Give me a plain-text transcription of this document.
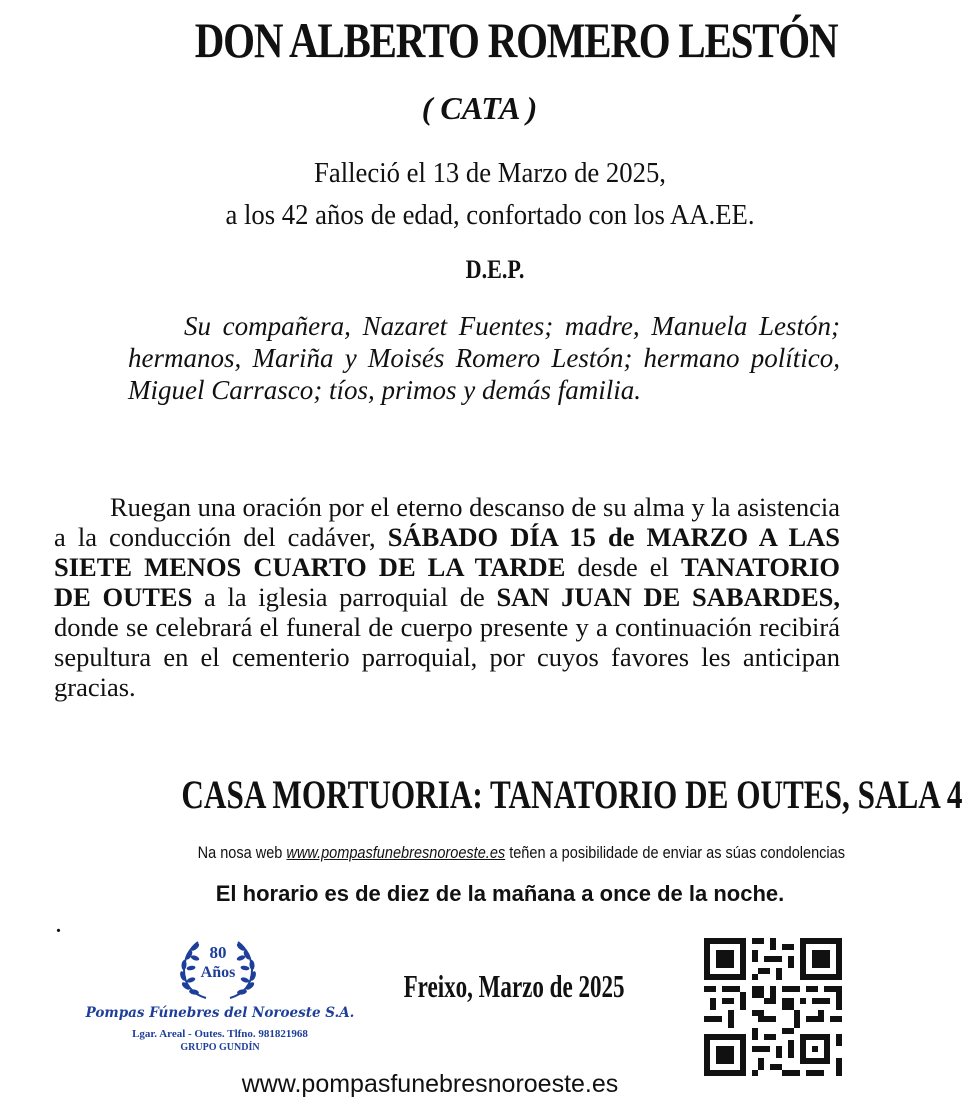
DON ALBERTO ROMERO LESTÓN
( CATA )
Falleció el 13 de Marzo de 2025,
a los 42 años de edad, confortado con los AA.EE.
D.E.P.
Su compañera, Nazaret Fuentes; madre, Manuela Lestón; hermanos, Mariña y Moisés Romero Lestón; hermano político, Miguel Carrasco; tíos, primos y demás familia.
Ruegan una oración por el eterno descanso de su alma y la asistencia a la conducción del cadáver, SÁBADO DÍA 15 de MARZO A LAS SIETE MENOS CUARTO DE LA TARDE desde el TANATORIO DE OUTES a la iglesia parroquial de SAN JUAN DE SABARDES, donde se celebrará el funeral de cuerpo presente y a continuación recibirá sepultura en el cementerio parroquial, por cuyos favores les anticipan gracias.
CASA MORTUORIA: TANATORIO DE OUTES, SALA 4
Na nosa web www.pompasfunebresnoroeste.es teñen a posibilidade de enviar as súas condolencias
El horario es de diez de la mañana a once de la noche.
.
80
Años
Pompas Fúnebres del Noroeste S.A.
Lgar. Areal - Outes. Tlfno. 981821968
GRUPO GUNDÍN
Freixo, Marzo de 2025
www.pompasfunebresnoroeste.es
